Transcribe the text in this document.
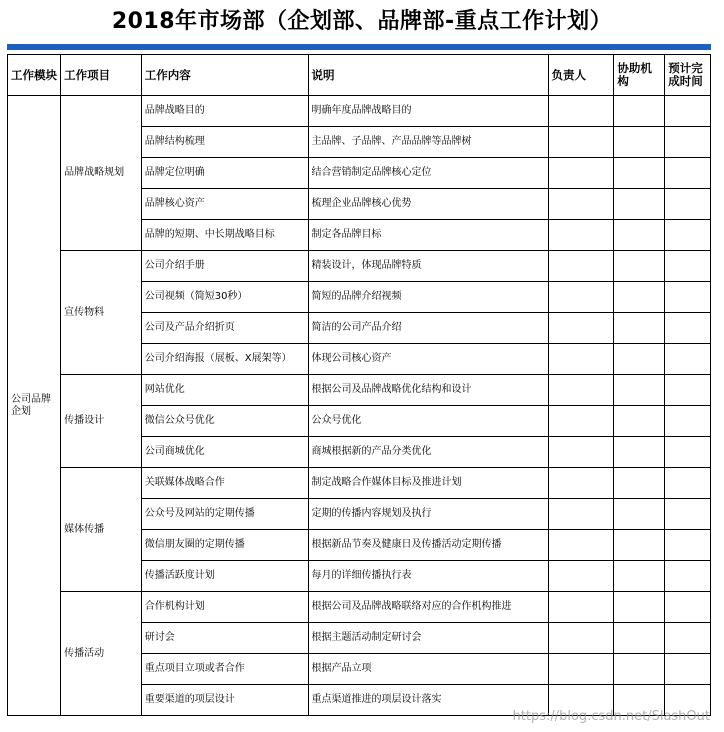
2018年市场部（企划部、品牌部-重点工作计划）
工作模块	工作项目	工作内容	说明	负责人	协助机构	预计完成时间
公司品牌企划	品牌战略规划	品牌战略目的	明确年度品牌战略目的			
		品牌结构梳理	主品牌、子品牌、产品品牌等品牌树			
		品牌定位明确	结合营销制定品牌核心定位			
		品牌核心资产	梳理企业品牌核心优势			
		品牌的短期、中长期战略目标	制定各品牌目标			
	宣传物料	公司介绍手册	精装设计，体现品牌特质			
		公司视频（简短30秒）	简短的品牌介绍视频			
		公司及产品介绍折页	简洁的公司产品介绍			
		公司介绍海报（展板、X展架等）	体现公司核心资产			
	传播设计	网站优化	根据公司及品牌战略优化结构和设计			
		微信公众号优化	公众号优化			
		公司商城优化	商城根据新的产品分类优化			
	媒体传播	关联媒体战略合作	制定战略合作媒体目标及推进计划			
		公众号及网站的定期传播	定期的传播内容规划及执行			
		微信朋友圈的定期传播	根据新品节奏及健康日及传播活动定期传播			
		传播活跃度计划	每月的详细传播执行表			
	传播活动	合作机构计划	根据公司及品牌战略联络对应的合作机构推进			
		研讨会	根据主题活动制定研讨会			
		重点项目立项或者合作	根据产品立项			
		重要渠道的项层设计	重点渠道推进的项层设计落实			
https://blog.csdn.net/SlashOut
